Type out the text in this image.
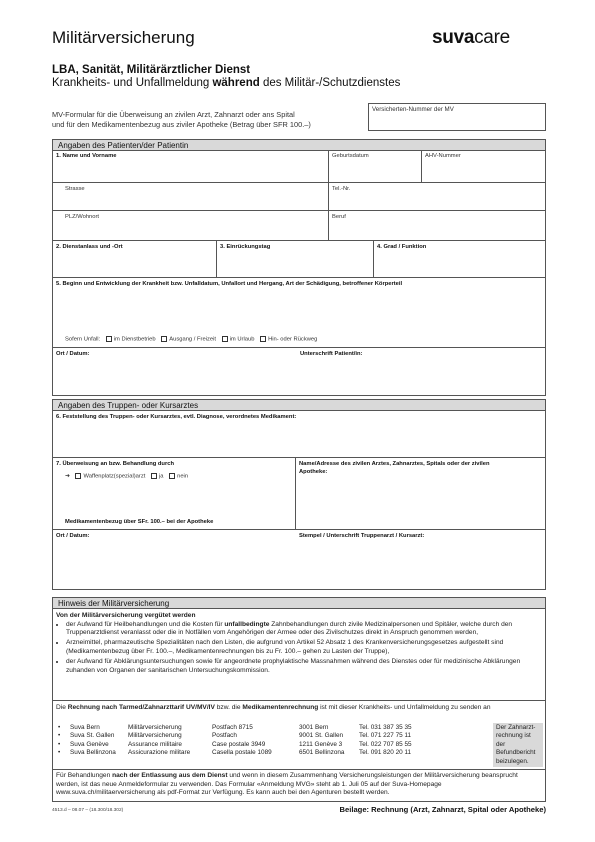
Militärversicherung	suvacare
LBA, Sanität, Militärärztlicher Dienst
Krankheits- und Unfallmeldung während des Militär-/Schutzdienstes
MV-Formular für die Überweisung an zivilen Arzt, Zahnarzt oder ans Spital
und für den Medikamentenbezug aus ziviler Apotheke (Betrag über SFR 100.–)
Versicherten-Nummer der MV
Angaben des Patienten/der Patientin
1. Name und Vorname	Geburtsdatum	AHV-Nummer
Strasse	Tel.-Nr.
PLZ/Wohnort	Beruf
2. Dienstanlass und -Ort	3. Einrückungstag	4. Grad / Funktion
5. Beginn und Entwicklung der Krankheit bzw. Unfalldatum, Unfallort und Hergang, Art der Schädigung, betroffener Körperteil
Sofern Unfall: im Dienstbetrieb Ausgang / Freizeit im Urlaub Hin- oder Rückweg
Ort / Datum:	Unterschrift Patient/in:
Angaben des Truppen- oder Kursarztes
6. Feststellung des Truppen- oder Kursarztes, evtl. Diagnose, verordnetes Medikament:
7. Überweisung an bzw. Behandlung durch
➜ Waffenplatz(spezial)arzt ja nein
Name/Adresse des zivilen Arztes, Zahnarztes, Spitals oder der zivilen Apotheke:
Medikamentenbezug über SFr. 100.– bei der Apotheke
Ort / Datum:	Stempel / Unterschrift Truppenarzt / Kursarzt:
Hinweis der Militärversicherung
Von der Militärversicherung vergütet werden
• der Aufwand für Heilbehandlungen und die Kosten für unfallbedingte Zahnbehandlungen durch zivile Medizinalpersonen und Spitäler, welche durch den Truppenarztdienst veranlasst oder die in Notfällen vom Angehörigen der Armee oder des Zivilschutzes direkt in Anspruch genommen werden,
• Arzneimittel, pharmazeutische Spezialitäten nach den Listen, die aufgrund von Artikel 52 Absatz 1 des Krankenversicherungsgesetzes aufgestellt sind (Medikamentenbezug über Fr. 100.–, Medikamentenrechnungen bis zu Fr. 100.– gehen zu Lasten der Truppe),
• der Aufwand für Abklärungsuntersuchungen sowie für angeordnete prophylaktische Massnahmen während des Dienstes oder für medizinische Abklärungen zuhanden von Organen der sanitarischen Untersuchungskommission.
Die Rechnung nach Tarmed/Zahnarzttarif UV/MV/IV bzw. die Medikamentenrechnung ist mit dieser Krankheits- und Unfallmeldung zu senden an
•	Suva Bern	Militärversicherung	Postfach 8715	3001 Bern	Tel. 031 387 35 35
•	Suva St. Gallen	Militärversicherung	Postfach	9001 St. Gallen	Tel. 071 227 75 11
•	Suva Genève	Assurance militaire	Case postale 3949	1211 Genève 3	Tel. 022 707 85 55
•	Suva Bellinzona	Assicurazione militare	Casella postale 1089	6501 Bellinzona	Tel. 091 820 20 11
Der Zahnarzt-rechnung ist der Befundbericht beizulegen.
Für Behandlungen nach der Entlassung aus dem Dienst und wenn in diesem Zusammenhang Versicherungsleistungen der Militärversicherung beansprucht werden, ist das neue Anmeldeformular zu verwenden. Das Formular «Anmeldung MVG» steht ab 1. Juli 05 auf der Suva-Homepage www.suva.ch/militaerversicherung als pdf-Format zur Verfügung. Es kann auch bei den Agenturen bestellt werden.
4513.d – 08.07 – (18.300/18.302)	Beilage: Rechnung (Arzt, Zahnarzt, Spital oder Apotheke)
